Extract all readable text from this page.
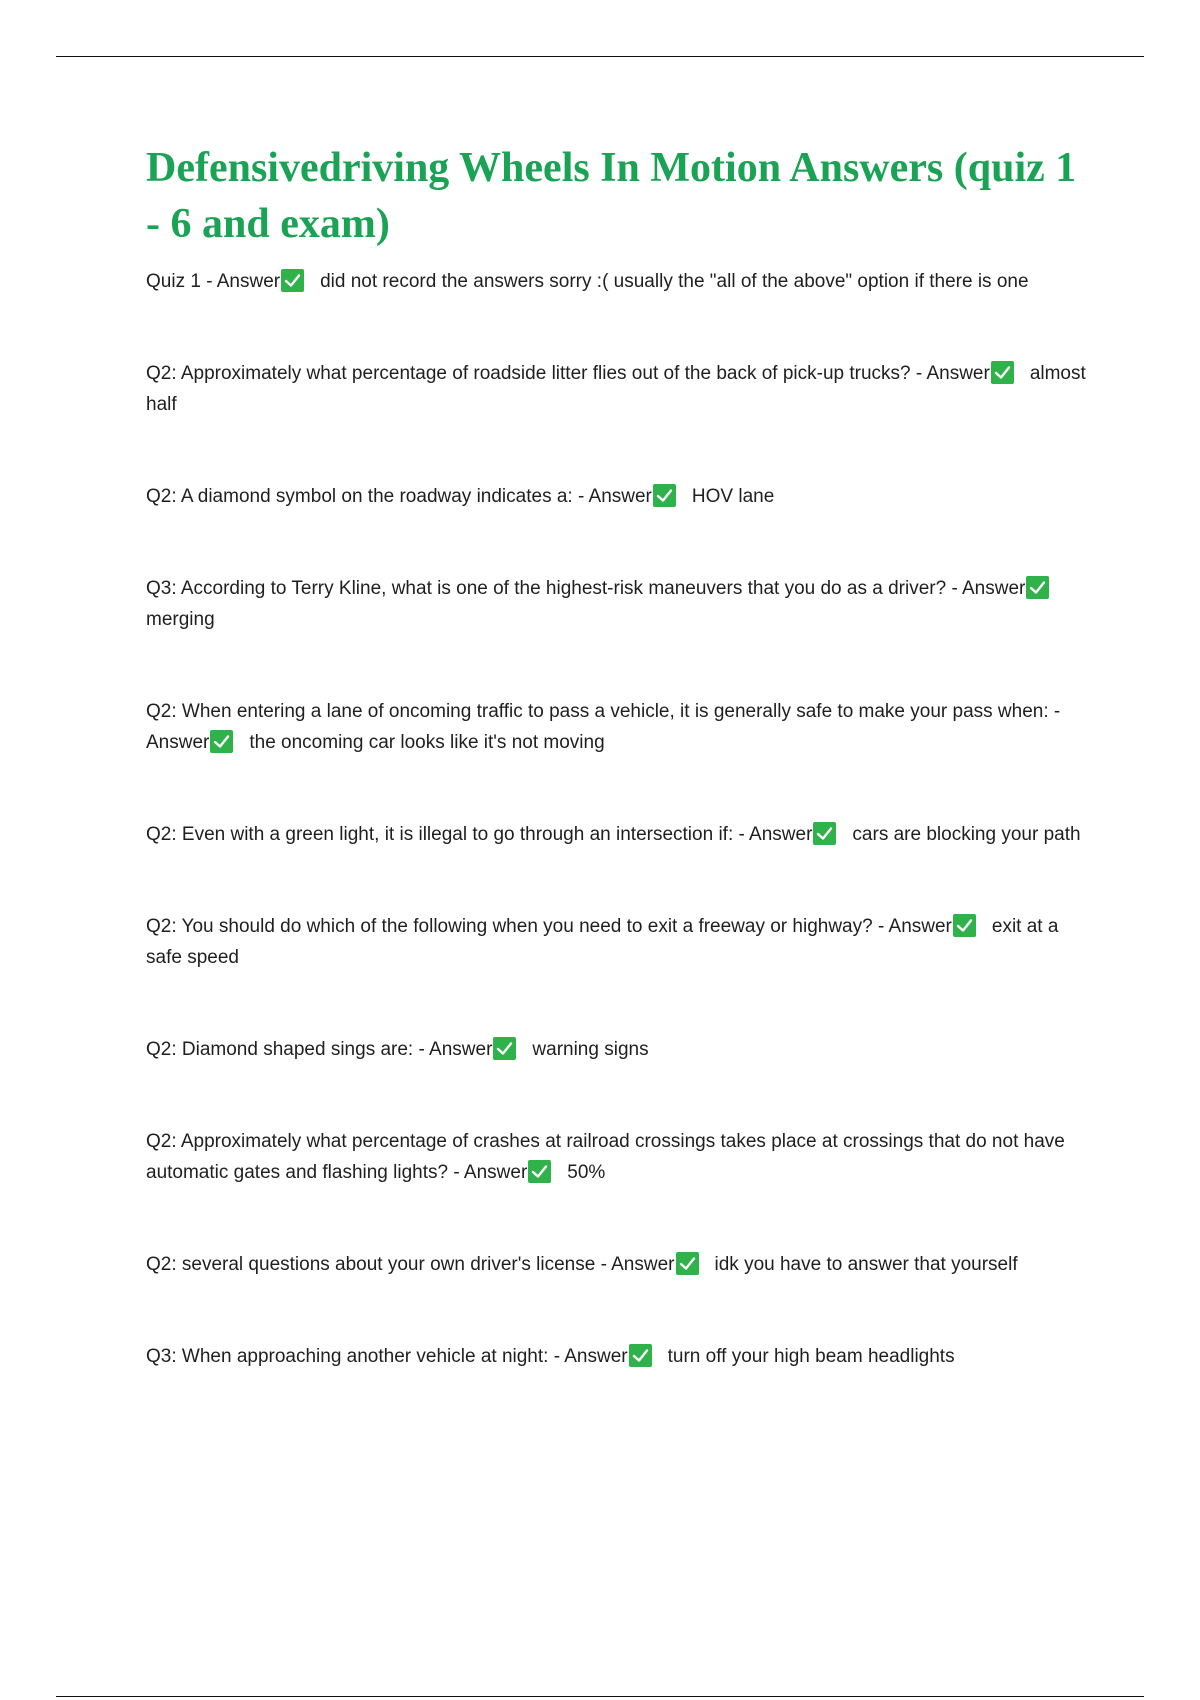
Defensivedriving Wheels In Motion Answers (quiz 1 - 6 and exam)

Quiz 1 - Answer did not record the answers sorry :( usually the "all of the above" option if there is one

Q2: Approximately what percentage of roadside litter flies out of the back of pick-up trucks? - Answer almost half

Q2: A diamond symbol on the roadway indicates a: - Answer HOV lane

Q3: According to Terry Kline, what is one of the highest-risk maneuvers that you do as a driver? - Answer
merging

Q2: When entering a lane of oncoming traffic to pass a vehicle, it is generally safe to make your pass when: - Answer the oncoming car looks like it's not moving

Q2: Even with a green light, it is illegal to go through an intersection if: - Answer cars are blocking your path

Q2: You should do which of the following when you need to exit a freeway or highway? - Answer exit at a safe speed

Q2: Diamond shaped sings are: - Answer warning signs

Q2: Approximately what percentage of crashes at railroad crossings takes place at crossings that do not have automatic gates and flashing lights? - Answer 50%

Q2: several questions about your own driver's license - Answer idk you have to answer that yourself

Q3: When approaching another vehicle at night: - Answer turn off your high beam headlights
